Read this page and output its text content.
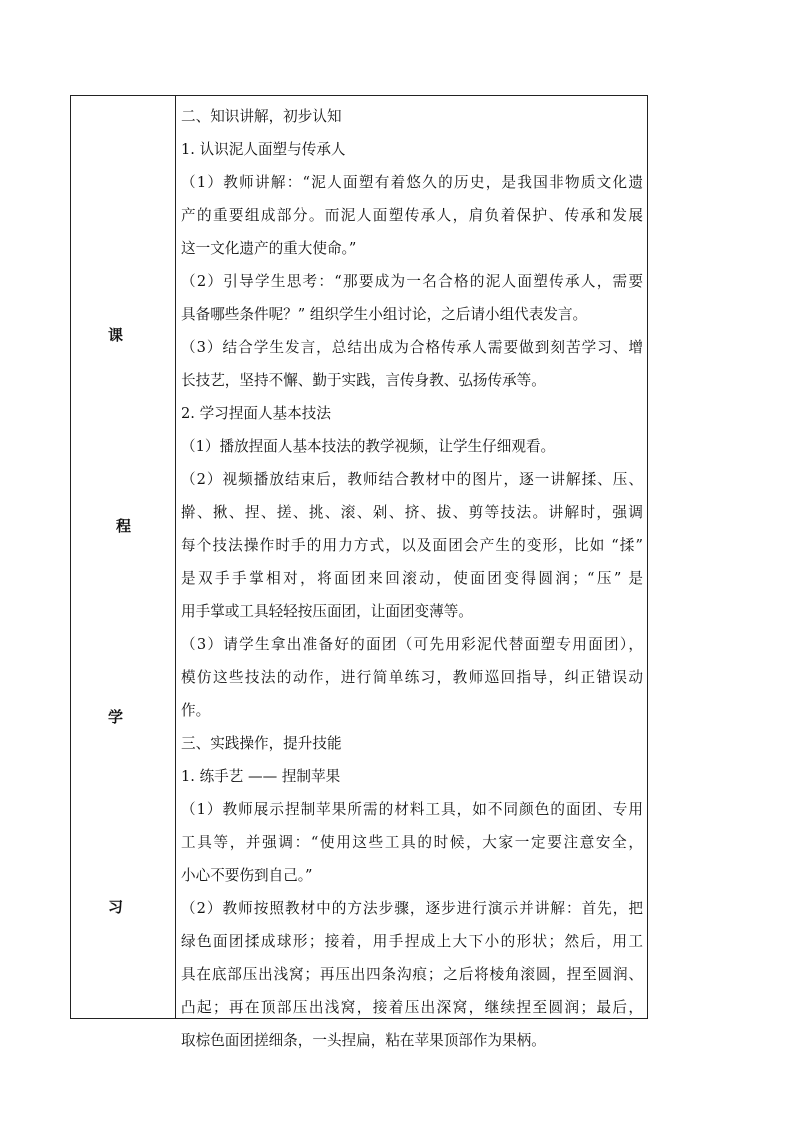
课
程
学
习
二、知识讲解，初步认知
1. 认识泥人面塑与传承人
（1）教师讲解：“泥人面塑有着悠久的历史，是我国非物质文化遗
产的重要组成部分。而泥人面塑传承人，肩负着保护、传承和发展
这一文化遗产的重大使命。”
（2）引导学生思考：“那要成为一名合格的泥人面塑传承人，需要
具备哪些条件呢？” 组织学生小组讨论，之后请小组代表发言。
（3）结合学生发言，总结出成为合格传承人需要做到刻苦学习、增
长技艺，坚持不懈、勤于实践，言传身教、弘扬传承等。
2. 学习捏面人基本技法
（1）播放捏面人基本技法的教学视频，让学生仔细观看。
（2）视频播放结束后，教师结合教材中的图片，逐一讲解揉、压、
擀、揪、捏、搓、挑、滚、剁、挤、拔、剪等技法。讲解时，强调
每个技法操作时手的用力方式，以及面团会产生的变形，比如 “揉”
是双手手掌相对，将面团来回滚动，使面团变得圆润；“压” 是
用手掌或工具轻轻按压面团，让面团变薄等。
（3）请学生拿出准备好的面团（可先用彩泥代替面塑专用面团），
模仿这些技法的动作，进行简单练习，教师巡回指导，纠正错误动
作。
三、实践操作，提升技能
1. 练手艺 —— 捏制苹果
（1）教师展示捏制苹果所需的材料工具，如不同颜色的面团、专用
工具等，并强调：“使用这些工具的时候，大家一定要注意安全，
小心不要伤到自己。”
（2）教师按照教材中的方法步骤，逐步进行演示并讲解：首先，把
绿色面团揉成球形；接着，用手捏成上大下小的形状；然后，用工
具在底部压出浅窝；再压出四条沟痕；之后将棱角滚圆，捏至圆润、
凸起；再在顶部压出浅窝，接着压出深窝，继续捏至圆润；最后，
取棕色面团搓细条，一头捏扁，粘在苹果顶部作为果柄。
